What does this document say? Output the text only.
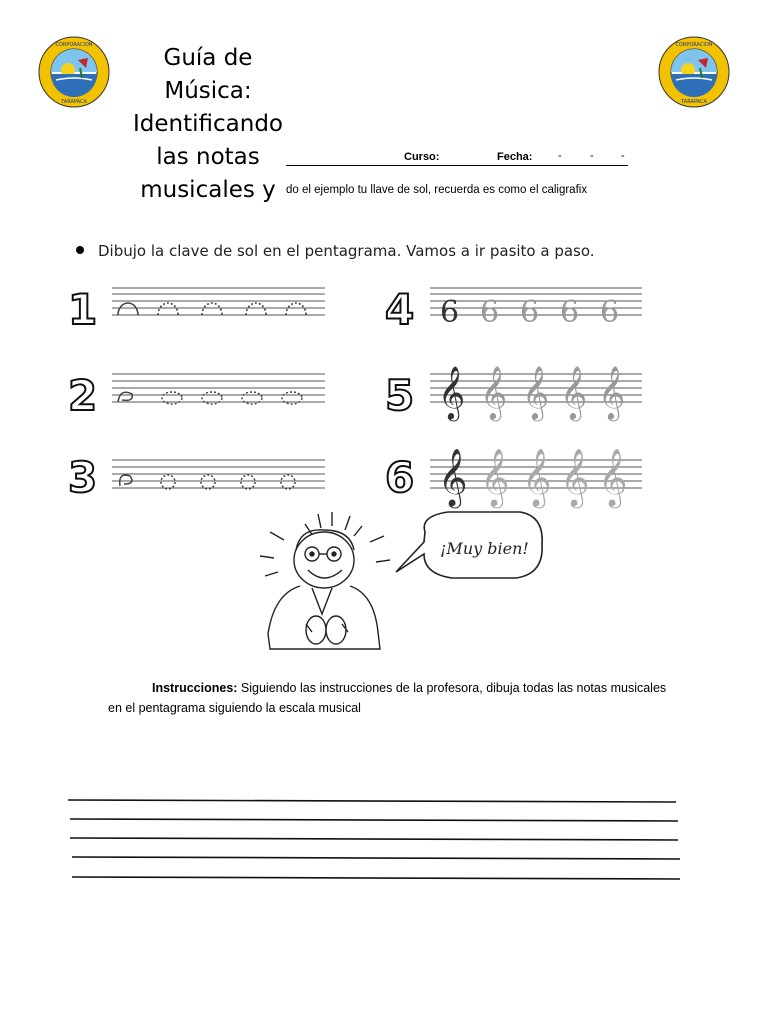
CORPORACION
TARAPACA
CORPORACION
TARAPACA
Guía de
Música:
Identificando
las notas
musicales y
Curso:	Fecha: -	- -
do el ejemplo tu llave de sol, recuerda es como el caligrafix
Dibujo la clave de sol en el pentagrama. Vamos a ir pasito a paso.
1
2
3
4
5
6
6 6 6 6 6
𝄞 𝄞 𝄞 𝄞 𝄞
𝄞 𝄞 𝄞 𝄞 𝄞
¡Muy bien!
Instrucciones: Siguiendo las instrucciones de la profesora, dibuja todas las notas musicales en el pentagrama siguiendo la escala musical
